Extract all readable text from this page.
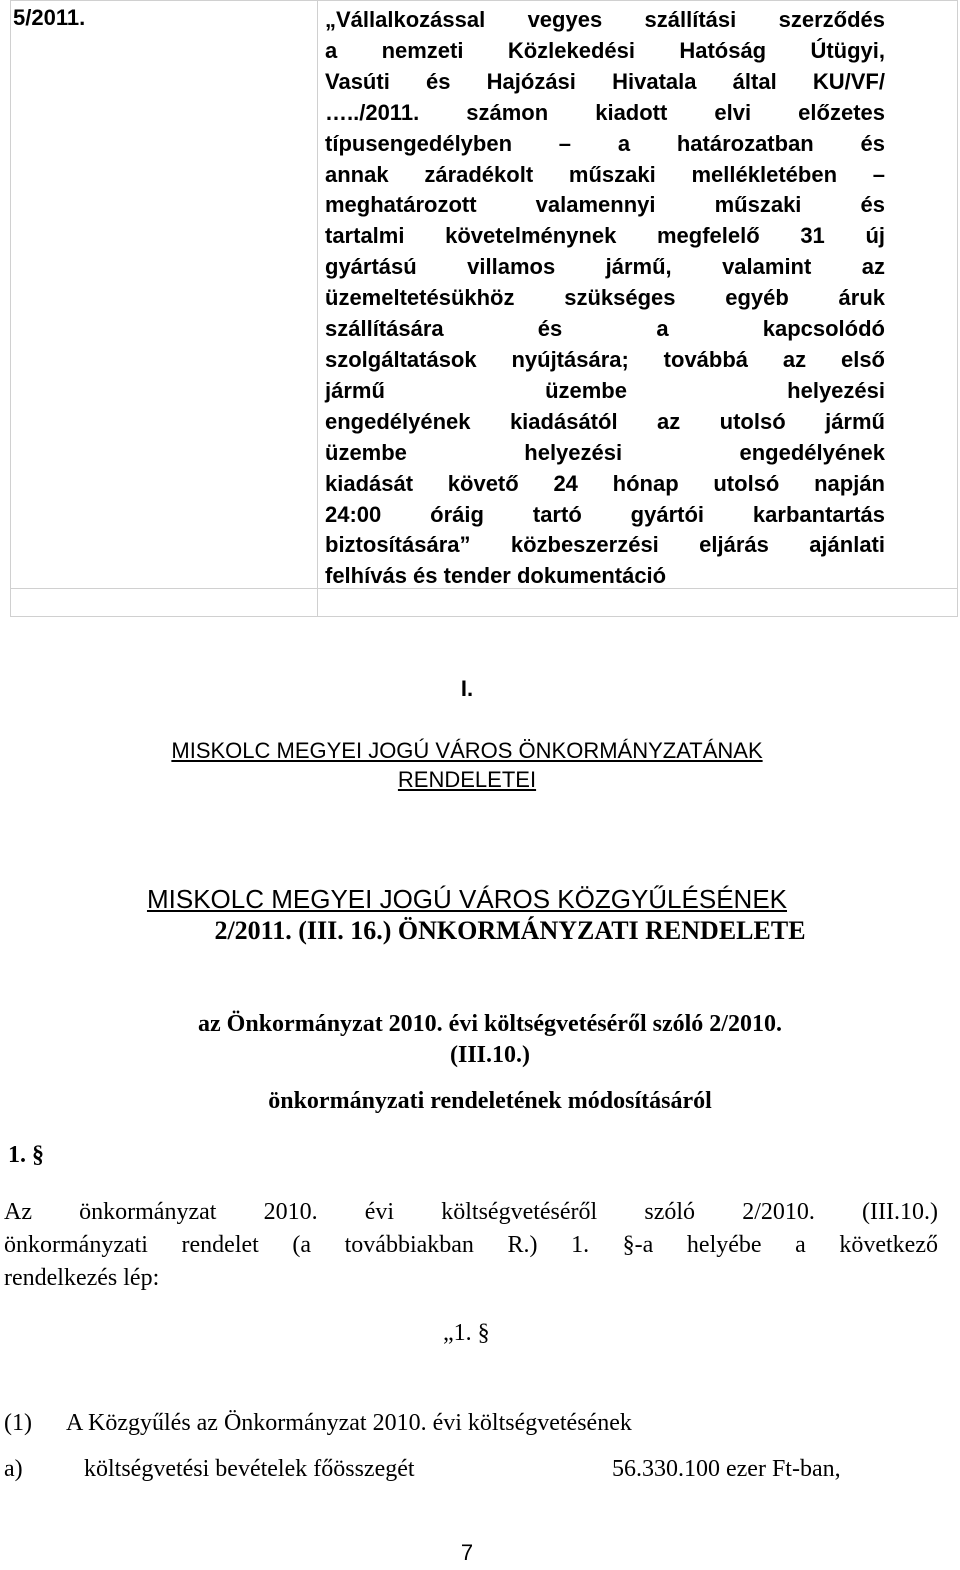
5/2011.	„Vállalkozással vegyes szállítási szerződés
a nemzeti Közlekedési Hatóság Útügyi,
Vasúti és Hajózási Hivatala által KU/VF/
…../2011. számon kiadott elvi előzetes
típusengedélyben – a határozatban és
annak záradékolt műszaki mellékletében –
meghatározott valamennyi műszaki és
tartalmi követelménynek megfelelő 31 új
gyártású villamos jármű, valamint az
üzemeltetésükhöz szükséges egyéb áruk
szállítására és a kapcsolódó
szolgáltatások nyújtására; továbbá az első
jármű üzembe helyezési
engedélyének kiadásától az utolsó jármű
üzembe helyezési engedélyének
kiadását követő 24 hónap utolsó napján
24:00 óráig tartó gyártói karbantartás
biztosítására” közbeszerzési eljárás ajánlati
felhívás és tender dokumentáció

I.
MISKOLC MEGYEI JOGÚ VÁROS ÖNKORMÁNYZATÁNAK
RENDELETEI
MISKOLC MEGYEI JOGÚ VÁROS KÖZGYŰLÉSÉNEK
2/2011. (III. 16.) ÖNKORMÁNYZATI RENDELETE
az Önkormányzat 2010. évi költségvetéséről szóló 2/2010.
(III.10.)
önkormányzati rendeletének módosításáról
1. §
Az önkormányzat 2010. évi költségvetéséről szóló 2/2010. (III.10.)
önkormányzati rendelet (a továbbiakban R.) 1. §-a helyébe a következő
rendelkezés lép:
„1. §
(1) A Közgyűlés az Önkormányzat 2010. évi költségvetésének
a)	költségvetési bevételek főösszegét	56.330.100 ezer Ft-ban,
7
